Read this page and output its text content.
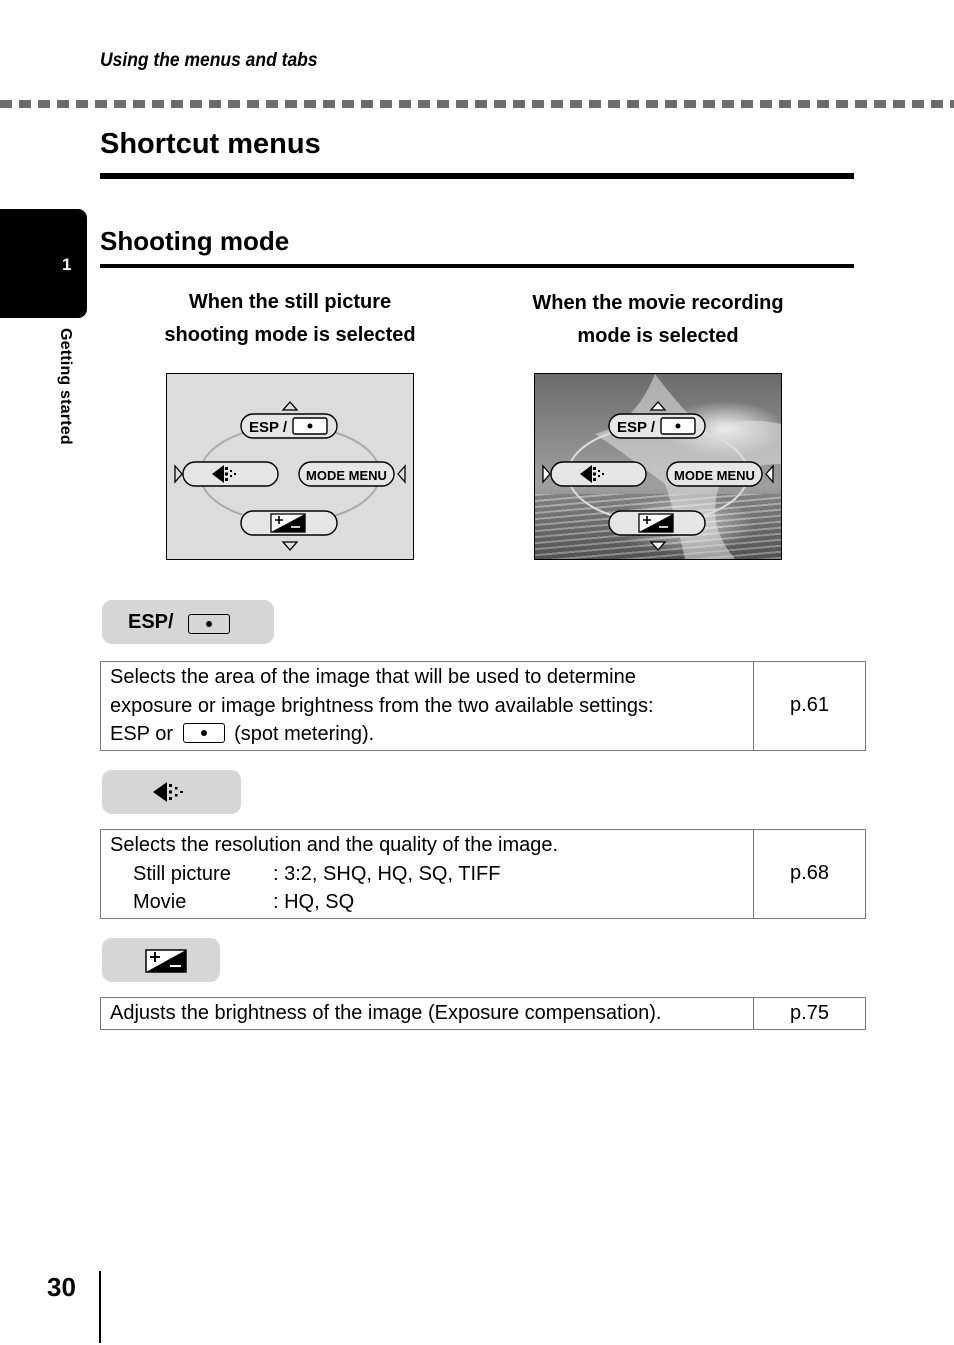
Using the menus and tabs
Shortcut menus
1
Getting started
Shooting mode
When the still picture
shooting mode is selected
When the movie recording
mode is selected
ESP /
MODE MENU
ESP /
MODE MENU
ESP/
Selects the area of the image that will be used to determine
exposure or image brightness from the two available settings:
ESP or	(spot metering).
	p.61
Selects the resolution and the quality of the image.
Still picture : 3:2, SHQ, HQ, SQ, TIFF
Movie	: HQ, SQ
	p.68
Adjusts the brightness of the image (Exposure compensation).	p.75
30
